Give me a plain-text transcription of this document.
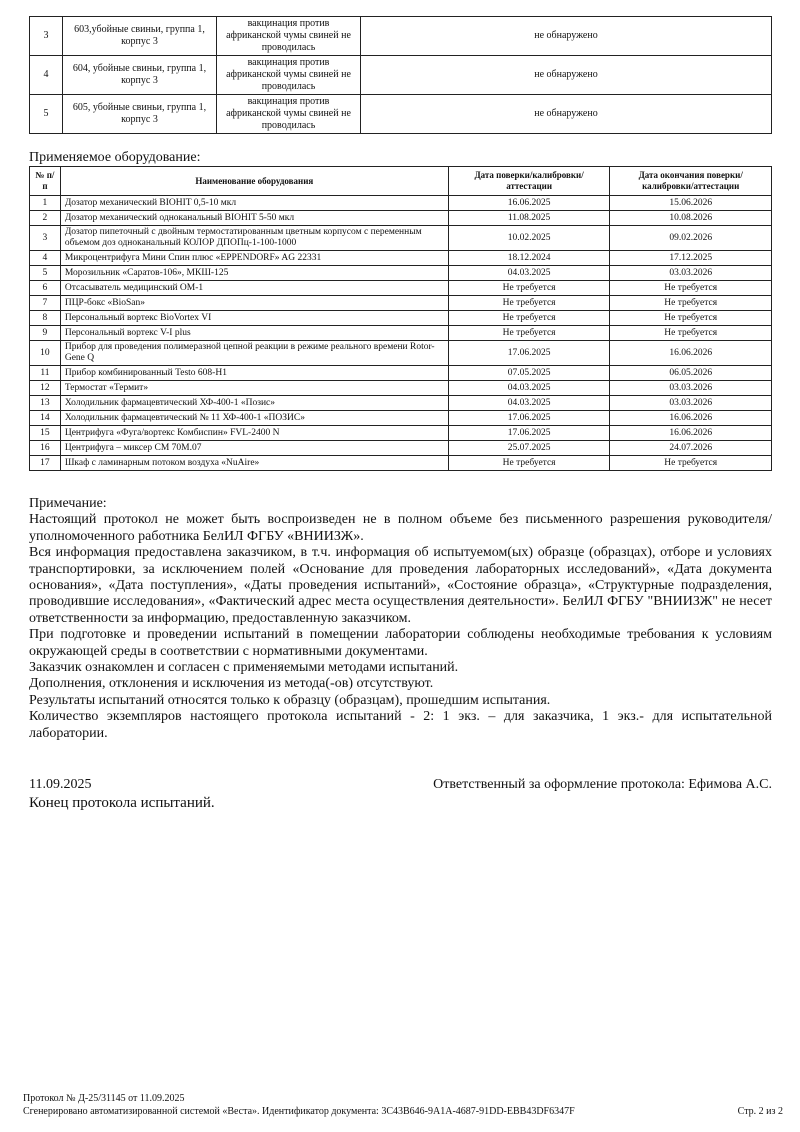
3	603,убойные свиньи, группа 1, корпус 3	вакцинация против африканской чумы свиней не проводилась	не обнаружено
4	604, убойные свиньи, группа 1, корпус 3	вакцинация против африканской чумы свиней не проводилась	не обнаружено
5	605, убойные свиньи, группа 1, корпус 3	вакцинация против африканской чумы свиней не проводилась	не обнаружено
Применяемое оборудование:
№ п/п	Наименование оборудования	Дата поверки/калибровки/аттестации	Дата окончания поверки/калибровки/аттестации
1	Дозатор механический BIOHIT 0,5-10 мкл	16.06.2025	15.06.2026
2	Дозатор механический одноканальный BIOHIT 5-50 мкл	11.08.2025	10.08.2026
3	Дозатор пипеточный с двойным термостатированным цветным корпусом с переменным объемом доз одноканальный КОЛОР ДПОПц-1-100-1000	10.02.2025	09.02.2026
4	Микроцентрифуга Мини Спин плюс «EPPENDORF» AG 22331	18.12.2024	17.12.2025
5	Морозильник «Саратов-106», МКШ-125	04.03.2025	03.03.2026
6	Отсасыватель медицинский ОМ-1	Не требуется	Не требуется
7	ПЦР-бокс «BioSan»	Не требуется	Не требуется
8	Персональный вортекс BioVortex VI	Не требуется	Не требуется
9	Персональный вортекс V-I plus	Не требуется	Не требуется
10	Прибор для проведения полимеразной цепной реакции в режиме реального времени Rotor-Gene Q	17.06.2025	16.06.2026
11	Прибор комбинированный Testo 608-H1	07.05.2025	06.05.2026
12	Термостат «Термит»	04.03.2025	03.03.2026
13	Холодильник фармацевтический ХФ-400-1 «Позис»	04.03.2025	03.03.2026
14	Холодильник фармацевтический № 11 ХФ-400-1 «ПОЗИС»	17.06.2025	16.06.2026
15	Центрифуга «Фуга/вортекс Комбиспин» FVL-2400 N	17.06.2025	16.06.2026
16	Центрифуга – миксер СМ 70М.07	25.07.2025	24.07.2026
17	Шкаф с ламинарным потоком воздуха «NuAire»	Не требуется	Не требуется

Примечание:

Настоящий протокол не может быть воспроизведен не в полном объеме без письменного разрешения руководителя/уполномоченного работника БелИЛ ФГБУ «ВНИИЗЖ».

Вся информация предоставлена заказчиком, в т.ч. информация об испытуемом(ых) образце (образцах), отборе и условиях транспортировки, за исключением полей «Основание для проведения лабораторных исследований», «Дата документа основания», «Дата поступления», «Даты проведения испытаний», «Состояние образца», «Структурные подразделения, проводившие исследования», «Фактический адрес места осуществления деятельности». БелИЛ ФГБУ "ВНИИЗЖ" не несет ответственности за информацию, предоставленную заказчиком.

При подготовке и проведении испытаний в помещении лаборатории соблюдены необходимые требования к условиям окружающей среды в соответствии с нормативными документами.

Заказчик ознакомлен и согласен с применяемыми методами испытаний.

Дополнения, отклонения и исключения из метода(-ов) отсутствуют.

Результаты испытаний относятся только к образцу (образцам), прошедшим испытания.

Количество экземпляров настоящего протокола испытаний - 2: 1 экз. – для заказчика, 1 экз.- для испытательной лаборатории.

11.09.2025	Ответственный за оформление протокола: Ефимова А.С.
Конец протокола испытаний.
Протокол № Д-25/31145 от 11.09.2025
Сгенерировано автоматизированной системой «Веста». Идентификатор документа: 3C43B646-9A1A-4687-91DD-EBB43DF6347F	Стр. 2 из 2
